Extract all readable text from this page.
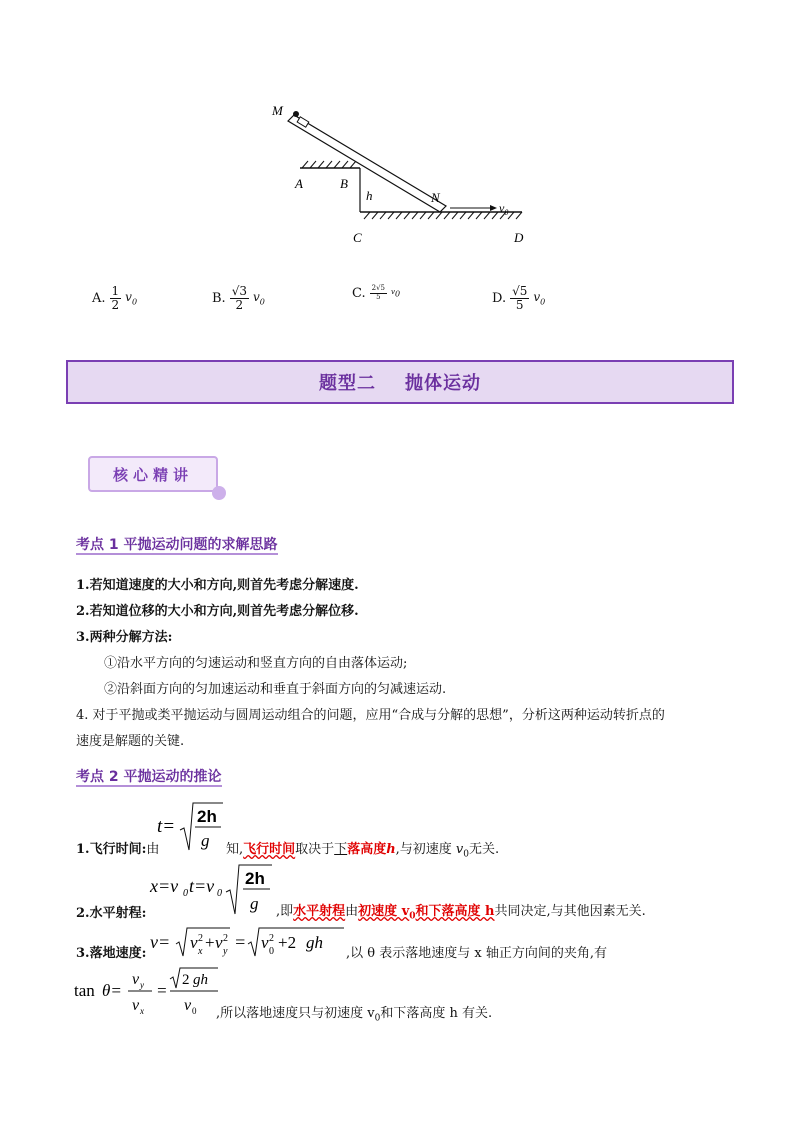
M
A	B
h	N
$v_0$
C	D
A. $\frac{1}{2} v_0$	B. $\frac{√3}{2} v_0$
C. $\frac{2√5}{5} v_0$	D. $\frac{√5}{5} v_0$
题型二    抛体运动
核心精讲
考点 1 平抛运动问题的求解思路
1.若知道速度的大小和方向,则首先考虑分解速度.
2.若知道位移的大小和方向,则首先考虑分解位移.
3.两种分解方法:
①沿水平方向的匀速运动和竖直方向的自由落体运动;
②沿斜面方向的匀加速运动和垂直于斜面方向的匀减速运动.
4. 对于平抛或类平抛运动与圆周运动组合的问题，应用“合成与分解的思想”，分析这两种运动转折点的
速度是解题的关键.
考点 2 平抛运动的推论
1.飞行时间:由
t= 2h
g 知,飞行时间取决于下落高度h,与初速度 $v_0$无关.
2.水平射程:
x=v 0 t=v 0
2h
g ,即水平射程由初速度 $v_0$和下落高度 h共同决定,与其他因素无关.
3.落地速度:
v= v 2
x + v 2
y = v 2
0 +2 gh
,以 θ 表示落地速度与 x 轴正方向间的夹角,有
tan θ=
v y
v x
=
2 gh
v 0 ,所以落地速度只与初速度 $v_0$和下落高度 h 有关.
